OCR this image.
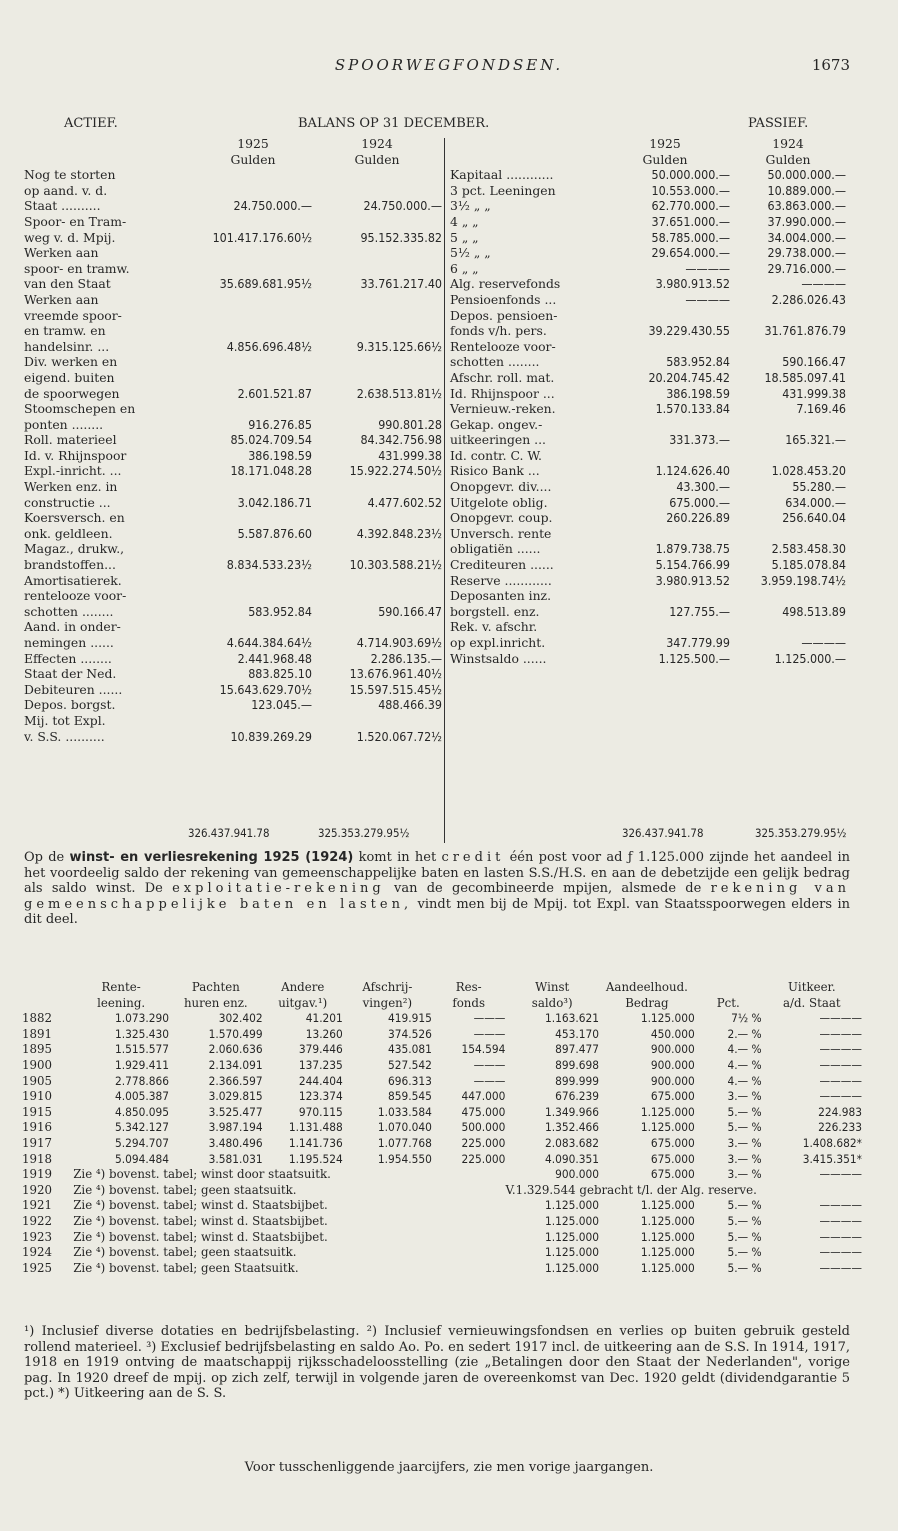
SPOORWEGFONDSEN.	1673
ACTIEF.	BALANS OP 31 DECEMBER.	PASSIEF.
	1925	1924
	Gulden	Gulden
Nog te storten		
op aand. v. d.		
Staat ..........	24.750.000.—	24.750.000.—
Spoor- en Tram-		
weg v. d. Mpij.	101.417.176.60½	95.152.335.82
Werken aan		
spoor- en tramw.		
van den Staat	35.689.681.95½	33.761.217.40
Werken aan		
vreemde spoor-		
en tramw. en		
handelsinr. ...	4.856.696.48½	9.315.125.66½
Div. werken en		
eigend. buiten		
de spoorwegen	2.601.521.87	2.638.513.81½
Stoomschepen en		
ponten ........	916.276.85	990.801.28
Roll. materieel	85.024.709.54	84.342.756.98
Id. v. Rhijnspoor	386.198.59	431.999.38
Expl.-inricht. ...	18.171.048.28	15.922.274.50½
Werken enz. in		
constructie ...	3.042.186.71	4.477.602.52
Koersversch. en		
onk. geldleen.	5.587.876.60	4.392.848.23½
Magaz., drukw.,		
brandstoffen...	8.834.533.23½	10.303.588.21½
Amortisatierek.		
rentelooze voor-		
schotten ........	583.952.84	590.166.47
Aand. in onder-		
nemingen ......	4.644.384.64½	4.714.903.69½
Effecten ........	2.441.968.48	2.286.135.—
Staat der Ned.	883.825.10	13.676.961.40½
Debiteuren ......	15.643.629.70½	15.597.515.45½
Depos. borgst.	123.045.—	488.466.39
Mij. tot Expl.		
v. S.S. ..........	10.839.269.29	1.520.067.72½
	1925	1924
	Gulden	Gulden
Kapitaal ............	50.000.000.—	50.000.000.—
3 pct. Leeningen	10.553.000.—	10.889.000.—
3½ „ „	62.770.000.—	63.863.000.—
4 „ „	37.651.000.—	37.990.000.—
5 „ „	58.785.000.—	34.004.000.—
5½ „ „	29.654.000.—	29.738.000.—
6 „ „	————	29.716.000.—
Alg. reservefonds	3.980.913.52	————
Pensioenfonds ...	————	2.286.026.43
Depos. pensioen-		
fonds v/h. pers.	39.229.430.55	31.761.876.79
Rentelooze voor-		
schotten ........	583.952.84	590.166.47
Afschr. roll. mat.	20.204.745.42	18.585.097.41
Id. Rhijnspoor ...	386.198.59	431.999.38
Vernieuw.-reken.	1.570.133.84	7.169.46
Gekap. ongev.-		
uitkeeringen ...	331.373.—	165.321.—
Id. contr. C. W.		
Risico Bank ...	1.124.626.40	1.028.453.20
Onopgevr. div....	43.300.—	55.280.—
Uitgelote oblig.	675.000.—	634.000.—
Onopgevr. coup.	260.226.89	256.640.04
Unversch. rente		
obligatiën ......	1.879.738.75	2.583.458.30
Crediteuren ......	5.154.766.99	5.185.078.84
Reserve ............	3.980.913.52	3.959.198.74½
Deposanten inz.		
borgstell. enz.	127.755.—	498.513.89
Rek. v. afschr.		
op expl.inricht.	347.779.99	————
Winstsaldo ......	1.125.500.—	1.125.000.—
326.437.941.78	325.353.279.95½	326.437.941.78	325.353.279.95½
Op de winst- en verliesrekening 1925 (1924) komt in het credit één post voor ad ƒ 1.125.000 zijnde het aandeel in het voordeelig saldo der rekening van gemeenschappelijke baten en lasten S.S./H.S. en aan de debetzijde een gelijk bedrag als saldo winst. De exploitatie-rekening van de gecombineerde mpijen, alsmede de rekening van gemeenschappelijke baten en lasten, vindt men bij de Mpij. tot Expl. van Staatsspoorwegen elders in dit deel.
	Rente-	Pachten	Andere	Afschrij-	Res-	Winst	Aandeelhoud.		Uitkeer.
	leening.	huren enz.	uitgav.¹)	vingen²)	fonds	saldo³)	Bedrag	Pct.	a/d. Staat
1882	1.073.290	302.402	41.201	419.915	———	1.163.621	1.125.000	7½ %	————
1891	1.325.430	1.570.499	13.260	374.526	———	453.170	450.000	2.— %	————
1895	1.515.577	2.060.636	379.446	435.081	154.594	897.477	900.000	4.— %	————
1900	1.929.411	2.134.091	137.235	527.542	———	899.698	900.000	4.— %	————
1905	2.778.866	2.366.597	244.404	696.313	———	899.999	900.000	4.— %	————
1910	4.005.387	3.029.815	123.374	859.545	447.000	676.239	675.000	3.— %	————
1915	4.850.095	3.525.477	970.115	1.033.584	475.000	1.349.966	1.125.000	5.— %	224.983
1916	5.342.127	3.987.194	1.131.488	1.070.040	500.000	1.352.466	1.125.000	5.— %	226.233
1917	5.294.707	3.480.496	1.141.736	1.077.768	225.000	2.083.682	675.000	3.— %	1.408.682*
1918	5.094.484	3.581.031	1.195.524	1.954.550	225.000	4.090.351	675.000	3.— %	3.415.351*
1919	Zie ⁴) bovenst. tabel; winst door staatsuitk.					900.000	675.000	3.— %	————
1920	Zie ⁴) bovenst. tabel; geen staatsuitk.					V.1.329.544 gebracht t/l. der Alg. reserve.			
1921	Zie ⁴) bovenst. tabel; winst d. Staatsbijbet.					1.125.000	1.125.000	5.— %	————
1922	Zie ⁴) bovenst. tabel; winst d. Staatsbijbet.					1.125.000	1.125.000	5.— %	————
1923	Zie ⁴) bovenst. tabel; winst d. Staatsbijbet.					1.125.000	1.125.000	5.— %	————
1924	Zie ⁴) bovenst. tabel; geen staatsuitk.					1.125.000	1.125.000	5.— %	————
1925	Zie ⁴) bovenst. tabel; geen Staatsuitk.					1.125.000	1.125.000	5.— %	————
¹) Inclusief diverse dotaties en bedrijfsbelasting. ²) Inclusief vernieuwingsfondsen en verlies op buiten gebruik gesteld rollend materieel. ³) Exclusief bedrijfsbelasting en saldo Ao. Po. en sedert 1917 incl. de uitkeering aan de S.S. In 1914, 1917, 1918 en 1919 ontving de maatschappij rijksschadeloosstelling (zie „Betalingen door den Staat der Nederlanden", vorige pag. In 1920 dreef de mpij. op zich zelf, terwijl in volgende jaren de overeenkomst van Dec. 1920 geldt (dividendgarantie 5 pct.) *) Uitkeering aan de S. S.
Voor tusschenliggende jaarcijfers, zie men vorige jaargangen.
